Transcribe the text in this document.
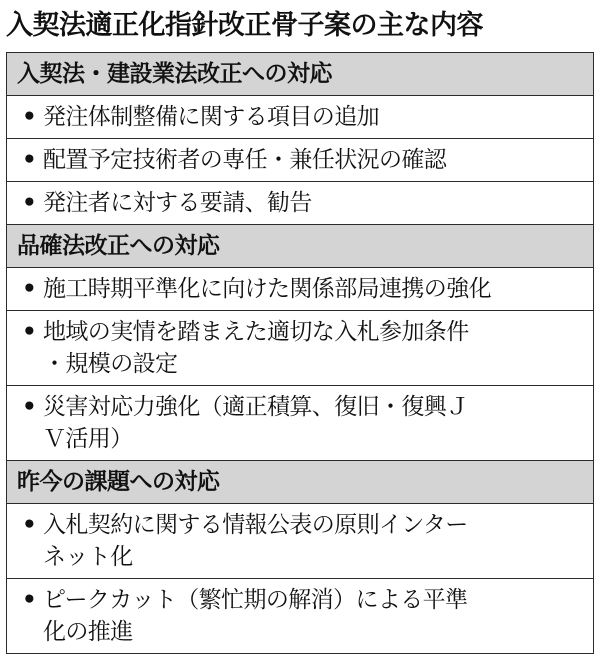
入契法適正化指針改正骨子案の主な内容
入契法・建設業法改正への対応
• 発注体制整備に関する項目の追加
• 配置予定技術者の専任・兼任状況の確認
• 発注者に対する要請、勧告
品確法改正への対応
• 施工時期平準化に向けた関係部局連携の強化
• 地域の実情を踏まえた適切な入札参加条件
・規模の設定
• 災害対応力強化（適正積算、復旧・復興Ｊ
Ｖ活用）
昨今の課題への対応
• 入札契約に関する情報公表の原則インター
ネット化
• ピークカット（繁忙期の解消）による平準
化の推進
